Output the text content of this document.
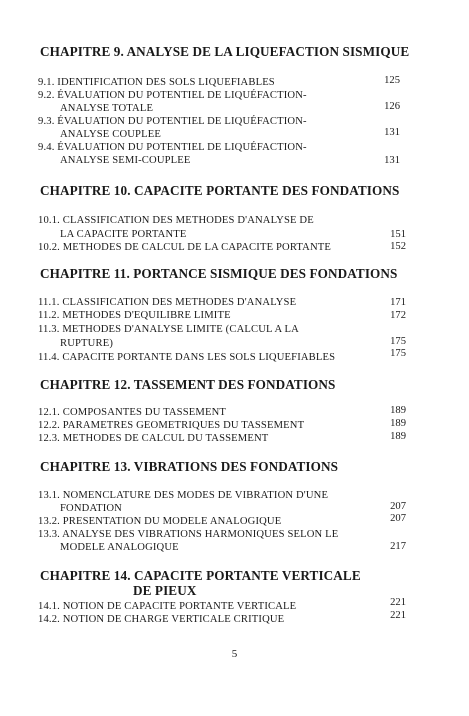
CHAPITRE 9. ANALYSE DE LA LIQUEFACTION SISMIQUE
9.1. IDENTIFICATION DES SOLS LIQUEFIABLES	125
9.2. ÉVALUATION DU POTENTIEL DE LIQUÉFACTION-
ANALYSE TOTALE	126
9.3. ÉVALUATION DU POTENTIEL DE LIQUÉFACTION-
ANALYSE COUPLEE	131
9.4. ÉVALUATION DU POTENTIEL DE LIQUÉFACTION-
ANALYSE SEMI-COUPLEE	131
CHAPITRE 10. CAPACITE PORTANTE DES FONDATIONS
10.1. CLASSIFICATION DES METHODES D'ANALYSE DE
LA CAPACITE PORTANTE	151
10.2. METHODES DE CALCUL DE LA CAPACITE PORTANTE	152
CHAPITRE 11. PORTANCE SISMIQUE DES FONDATIONS
11.1. CLASSIFICATION DES METHODES D'ANALYSE	171
11.2. METHODES D'EQUILIBRE LIMITE	172
11.3. METHODES D'ANALYSE LIMITE (CALCUL A LA
RUPTURE)	175
11.4. CAPACITE PORTANTE DANS LES SOLS LIQUEFIABLES	175
CHAPITRE 12. TASSEMENT DES FONDATIONS
12.1. COMPOSANTES DU TASSEMENT	189
12.2. PARAMETRES GEOMETRIQUES DU TASSEMENT	189
12.3. METHODES DE CALCUL DU TASSEMENT	189
CHAPITRE 13. VIBRATIONS DES FONDATIONS
13.1. NOMENCLATURE DES MODES DE VIBRATION D'UNE
FONDATION	207
13.2. PRESENTATION DU MODELE ANALOGIQUE	207
13.3. ANALYSE DES VIBRATIONS HARMONIQUES SELON LE
MODELE ANALOGIQUE	217
CHAPITRE 14. CAPACITE PORTANTE VERTICALE
DE PIEUX
14.1. NOTION DE CAPACITE PORTANTE VERTICALE	221
14.2. NOTION DE CHARGE VERTICALE CRITIQUE	221
5
